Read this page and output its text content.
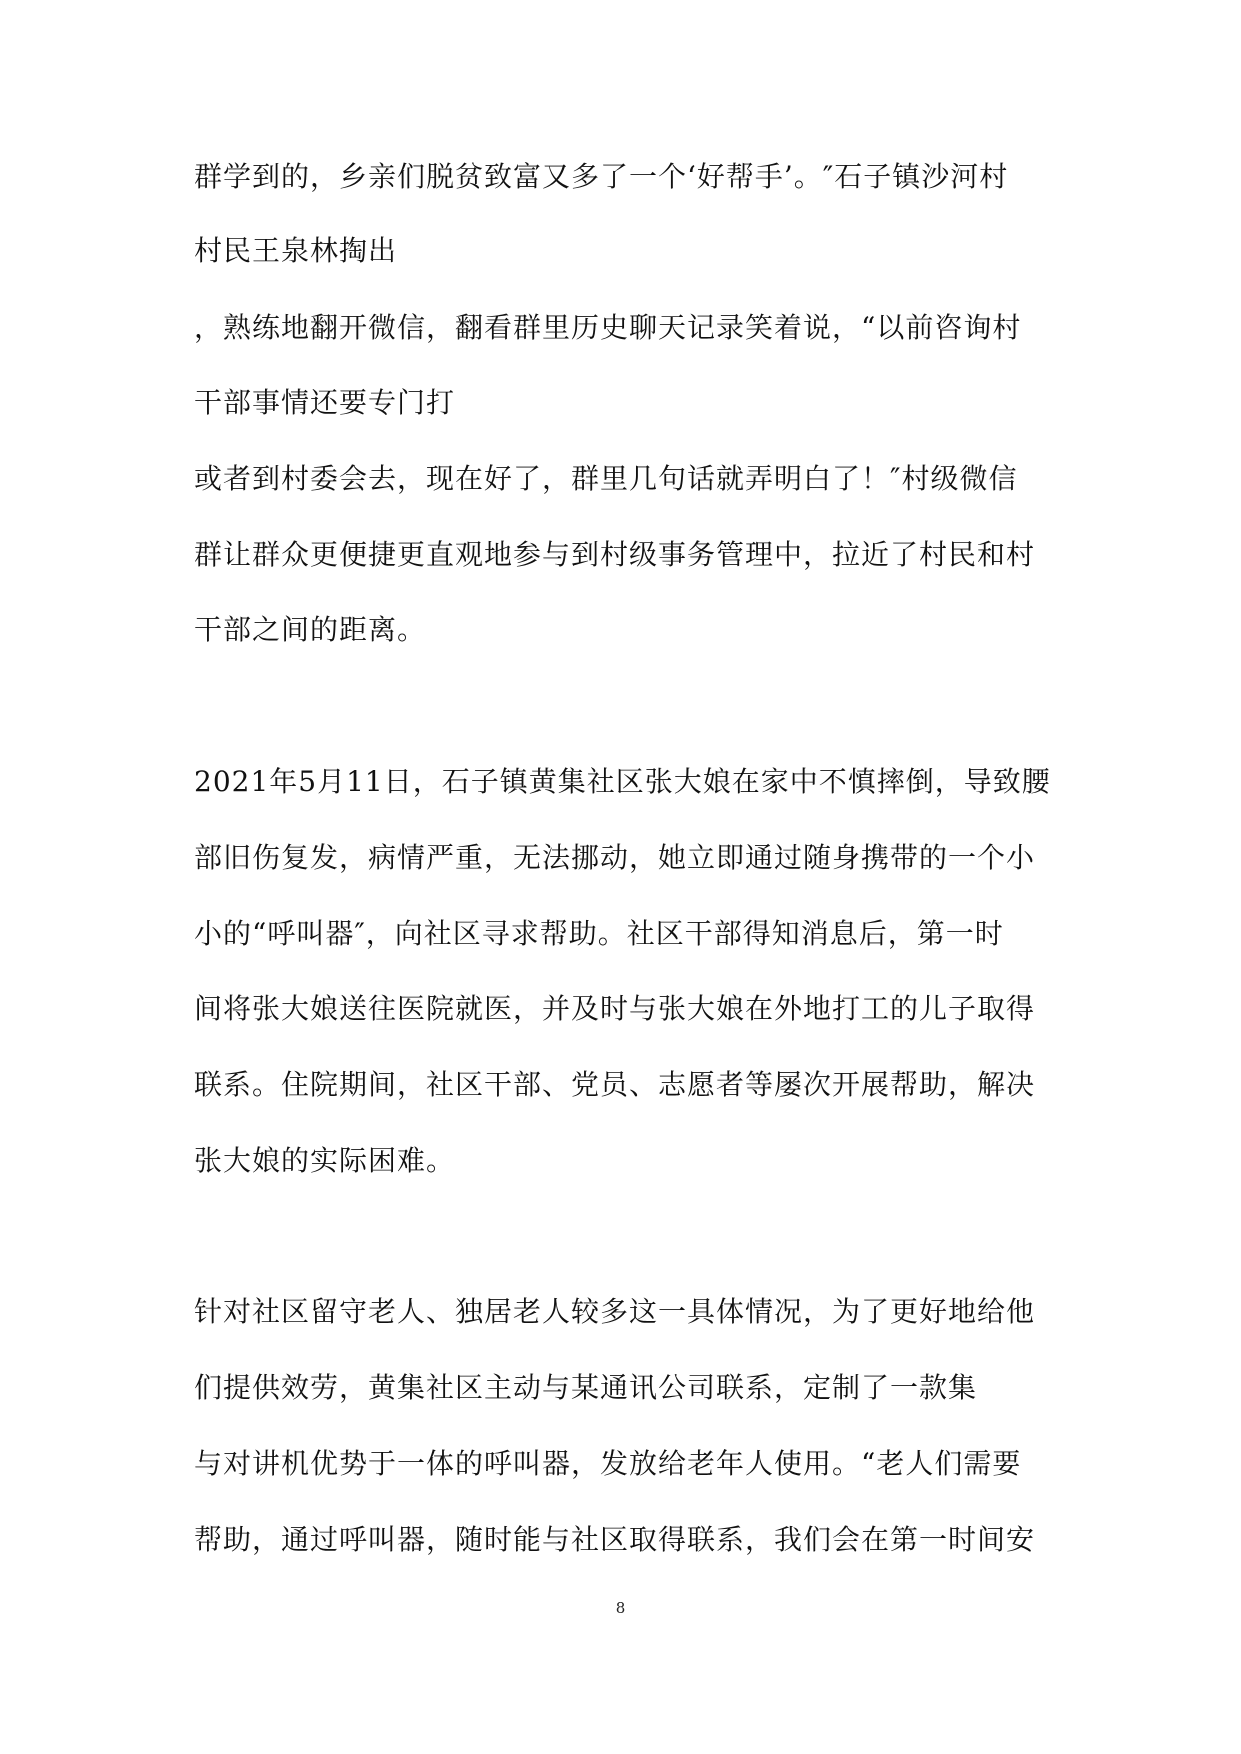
群学到的，乡亲们脱贫致富又多了一个‘好帮手’。″石子镇沙河村
村民王泉林掏出
，熟练地翻开微信，翻看群里历史聊天记录笑着说，“以前咨询村
干部事情还要专门打
或者到村委会去，现在好了，群里几句话就弄明白了！″村级微信
群让群众更便捷更直观地参与到村级事务管理中，拉近了村民和村
干部之间的距离。
2021年5月11日，石子镇黄集社区张大娘在家中不慎摔倒，导致腰
部旧伤复发，病情严重，无法挪动，她立即通过随身携带的一个小
小的“呼叫器″，向社区寻求帮助。社区干部得知消息后，第一时
间将张大娘送往医院就医，并及时与张大娘在外地打工的儿子取得
联系。住院期间，社区干部、党员、志愿者等屡次开展帮助，解决
张大娘的实际困难。
针对社区留守老人、独居老人较多这一具体情况，为了更好地给他
们提供效劳，黄集社区主动与某通讯公司联系，定制了一款集
与对讲机优势于一体的呼叫器，发放给老年人使用。“老人们需要
帮助，通过呼叫器，随时能与社区取得联系，我们会在第一时间安
8
